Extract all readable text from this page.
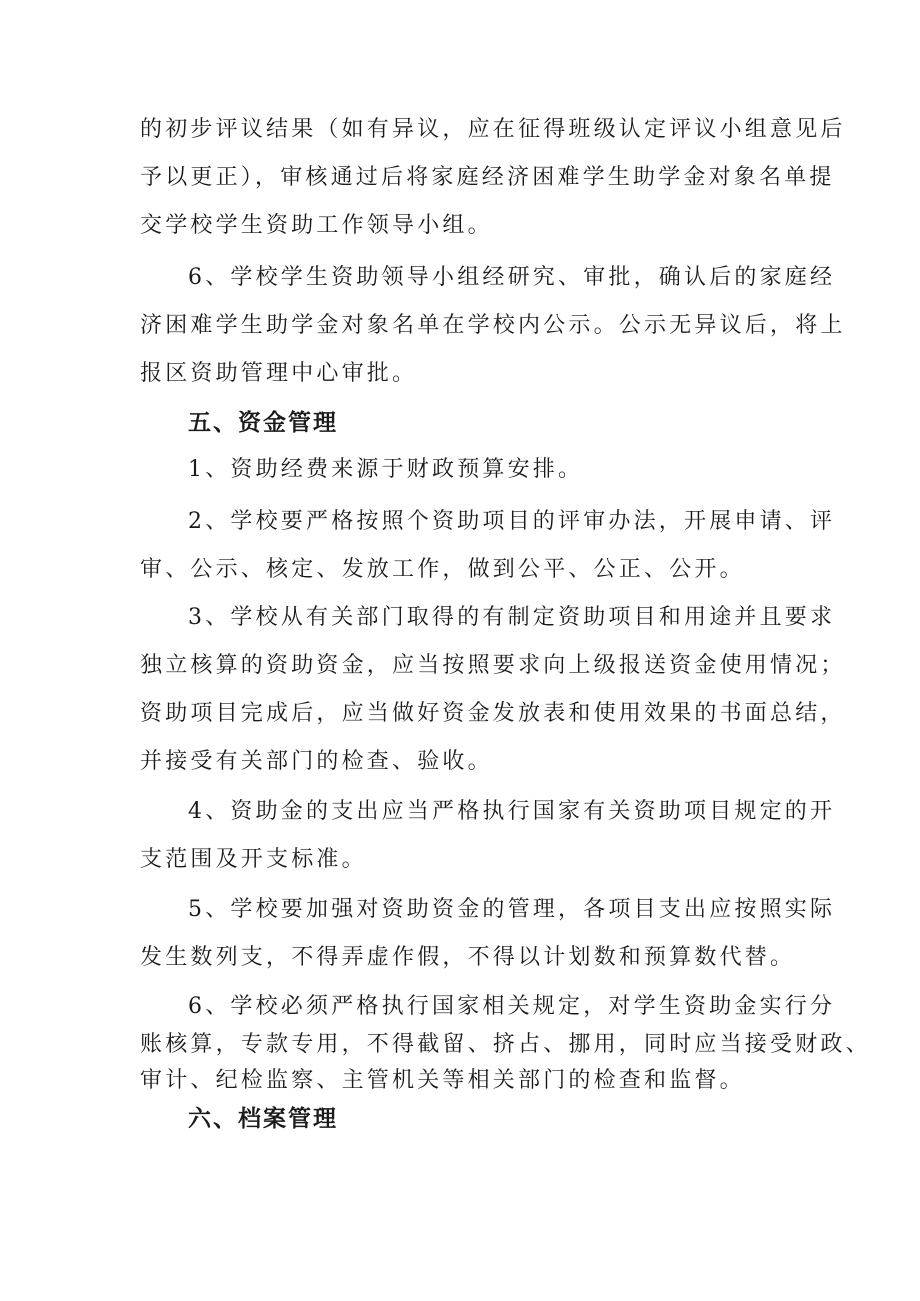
的初步评议结果（如有异议，应在征得班级认定评议小组意见后
予以更正），审核通过后将家庭经济困难学生助学金对象名单提
交学校学生资助工作领导小组。
6、学校学生资助领导小组经研究、审批，确认后的家庭经
济困难学生助学金对象名单在学校内公示。公示无异议后，将上
报区资助管理中心审批。
五、资金管理
1、资助经费来源于财政预算安排。
2、学校要严格按照个资助项目的评审办法，开展申请、评
审、公示、核定、发放工作，做到公平、公正、公开。
3、学校从有关部门取得的有制定资助项目和用途并且要求
独立核算的资助资金，应当按照要求向上级报送资金使用情况；
资助项目完成后，应当做好资金发放表和使用效果的书面总结，
并接受有关部门的检查、验收。
4、资助金的支出应当严格执行国家有关资助项目规定的开
支范围及开支标准。
5、学校要加强对资助资金的管理，各项目支出应按照实际
发生数列支，不得弄虚作假，不得以计划数和预算数代替。
6、学校必须严格执行国家相关规定，对学生资助金实行分
账核算，专款专用，不得截留、挤占、挪用，同时应当接受财政、
审计、纪检监察、主管机关等相关部门的检查和监督。
六、档案管理
